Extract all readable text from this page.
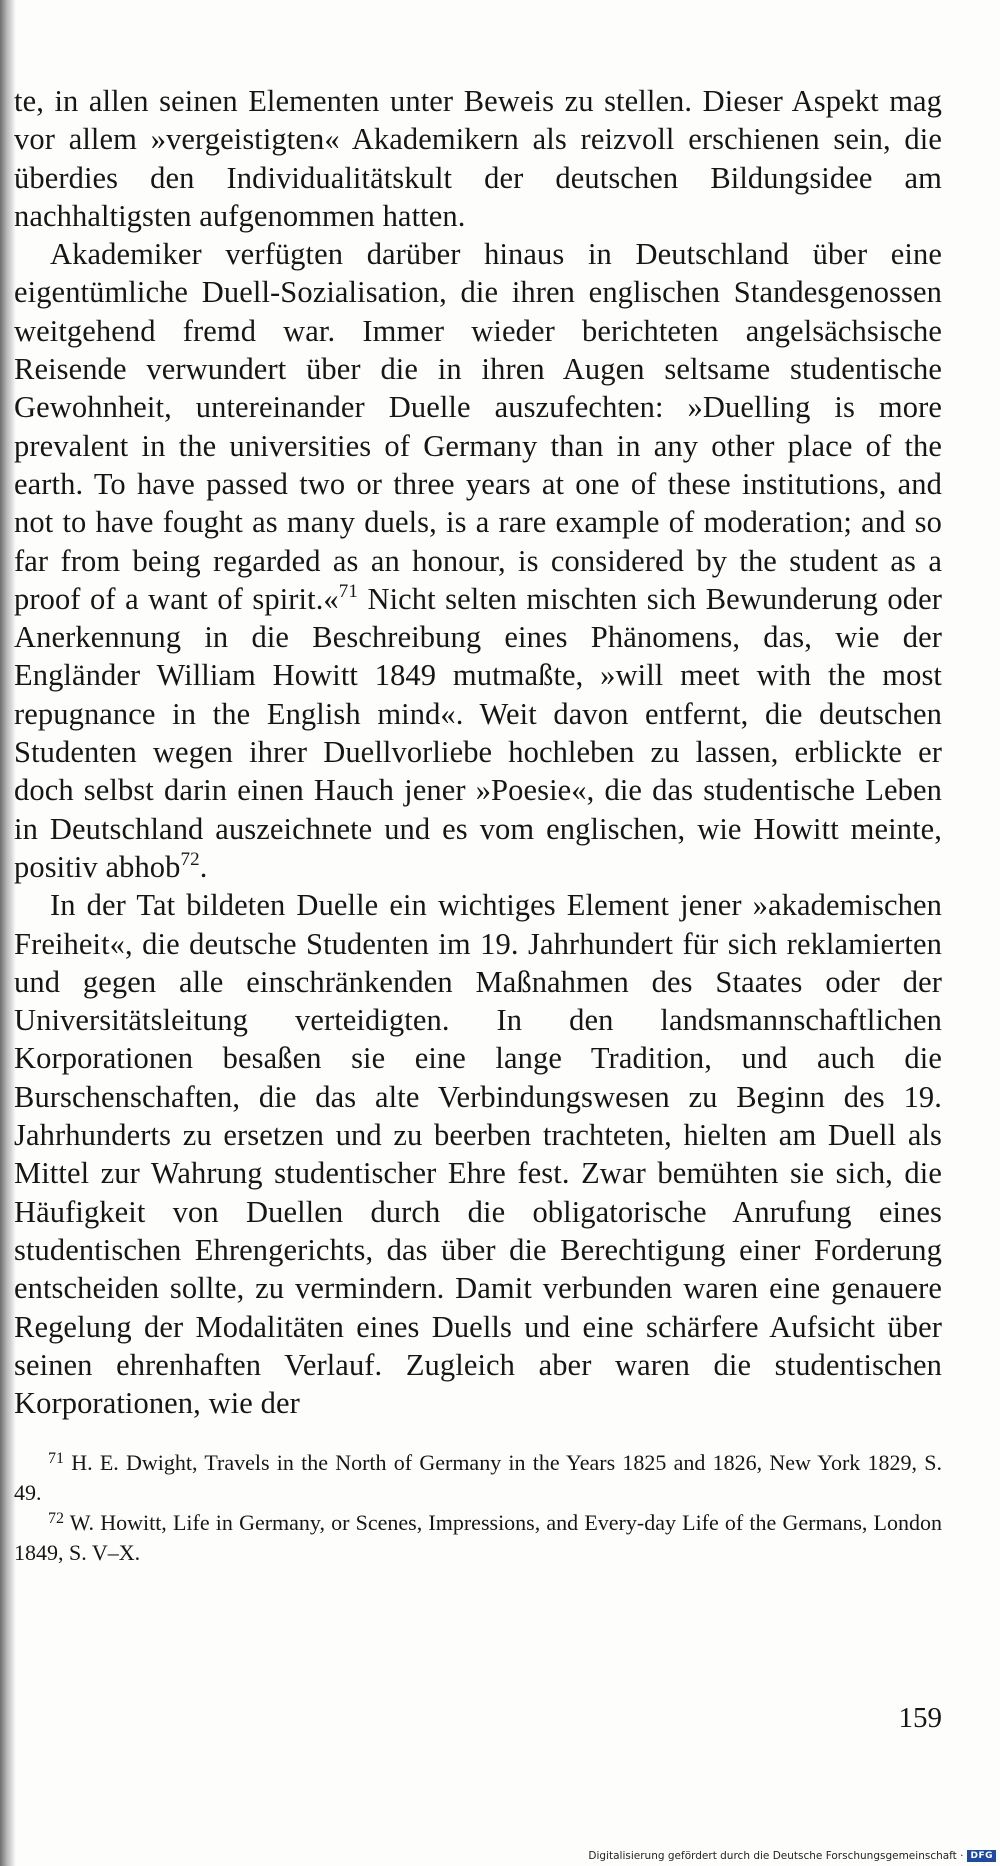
te, in allen seinen Elementen unter Beweis zu stellen. Dieser Aspekt mag vor allem »vergeistigten« Akademikern als reizvoll erschienen sein, die überdies den Individualitätskult der deutschen Bildungsidee am nachhaltigsten aufgenommen hatten.

Akademiker verfügten darüber hinaus in Deutschland über eine eigentümliche Duell-Sozialisation, die ihren englischen Standesgenossen weitgehend fremd war. Immer wieder berichteten angelsächsische Reisende verwundert über die in ihren Augen seltsame studentische Gewohnheit, untereinander Duelle auszufechten: »Duelling is more prevalent in the universities of Germany than in any other place of the earth. To have passed two or three years at one of these institutions, and not to have fought as many duels, is a rare example of moderation; and so far from being regarded as an honour, is considered by the student as a proof of a want of spirit.«$^{71}$ Nicht selten mischten sich Bewunderung oder Anerkennung in die Beschreibung eines Phänomens, das, wie der Engländer William Howitt 1849 mutmaßte, »will meet with the most repugnance in the English mind«. Weit davon entfernt, die deutschen Studenten wegen ihrer Duellvorliebe hochleben zu lassen, erblickte er doch selbst darin einen Hauch jener »Poesie«, die das studentische Leben in Deutschland auszeichnete und es vom englischen, wie Howitt meinte, positiv abhob$^{72}$.

In der Tat bildeten Duelle ein wichtiges Element jener »akademischen Freiheit«, die deutsche Studenten im 19. Jahrhundert für sich reklamierten und gegen alle einschränkenden Maßnahmen des Staates oder der Universitätsleitung verteidigten. In den landsmannschaftlichen Korporationen besaßen sie eine lange Tradition, und auch die Burschenschaften, die das alte Verbindungswesen zu Beginn des 19. Jahrhunderts zu ersetzen und zu beerben trachteten, hielten am Duell als Mittel zur Wahrung studentischer Ehre fest. Zwar bemühten sie sich, die Häufigkeit von Duellen durch die obligatorische Anrufung eines studentischen Ehrengerichts, das über die Berechtigung einer Forderung entscheiden sollte, zu vermindern. Damit verbunden waren eine genauere Regelung der Modalitäten eines Duells und eine schärfere Aufsicht über seinen ehrenhaften Verlauf. Zugleich aber waren die studentischen Korporationen, wie der

$^{71}$ H. E. Dwight, Travels in the North of Germany in the Years 1825 and 1826, New York 1829, S. 49.

$^{72}$ W. Howitt, Life in Germany, or Scenes, Impressions, and Every-day Life of the Germans, London 1849, S. V–X.

159
Digitalisierung gefördert durch die Deutsche Forschungsgemeinschaft · DFG
